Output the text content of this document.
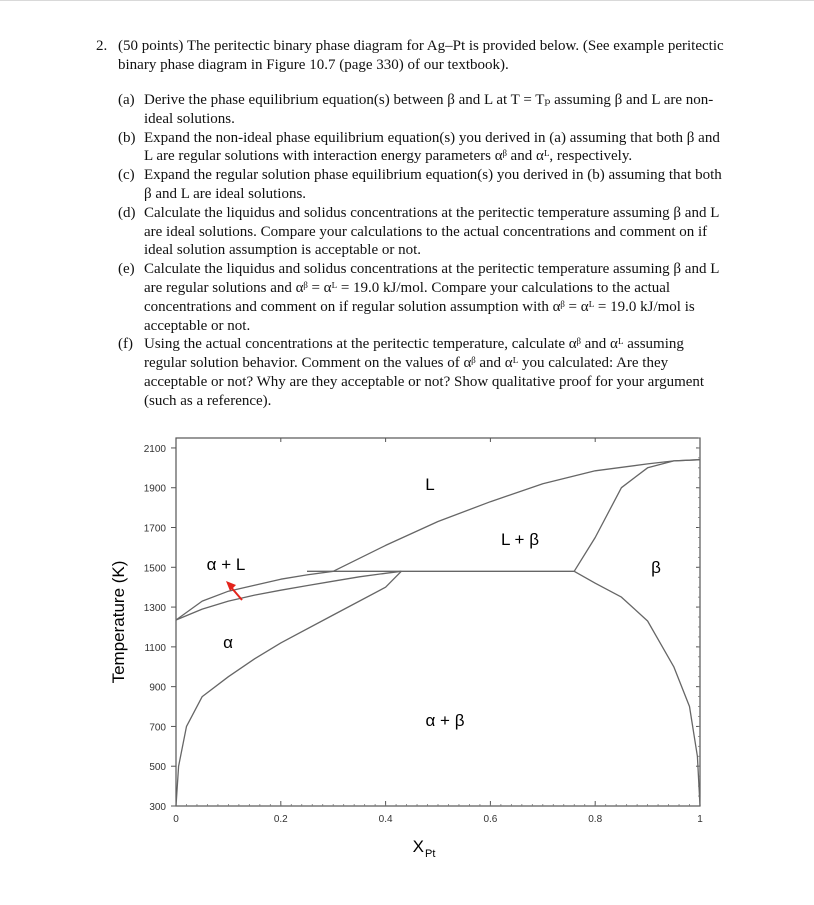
2. (50 points) The peritectic binary phase diagram for Ag–Pt is provided below. (See example peritectic binary phase diagram in Figure 10.7 (page 330) of our textbook).
(a) Derive the phase equilibrium equation(s) between β and L at T = Tₚ assuming β and L are non-ideal solutions.
(b) Expand the non-ideal phase equilibrium equation(s) you derived in (a) assuming that both β and L are regular solutions with interaction energy parameters αᵝ and αᴸ, respectively.
(c) Expand the regular solution phase equilibrium equation(s) you derived in (b) assuming that both β and L are ideal solutions.
(d) Calculate the liquidus and solidus concentrations at the peritectic temperature assuming β and L are ideal solutions. Compare your calculations to the actual concentrations and comment on if ideal solution assumption is acceptable or not.
(e) Calculate the liquidus and solidus concentrations at the peritectic temperature assuming β and L are regular solutions and αᵝ = αᴸ = 19.0 kJ/mol. Compare your calculations to the actual concentrations and comment on if regular solution assumption with αᵝ = αᴸ = 19.0 kJ/mol is acceptable or not.
(f) Using the actual concentrations at the peritectic temperature, calculate αᵝ and αᴸ assuming regular solution behavior. Comment on the values of αᵝ and αᴸ you calculated: Are they acceptable or not? Why are they acceptable or not? Show qualitative proof for your argument (such as a reference).
300
500
700
900
1100
1300
1500
1700
1900
2100
0	0.2	0.4	0.6	0.8	1
L
α + L
α
L + β
β
α + β
Temperature (K)
X Pt
